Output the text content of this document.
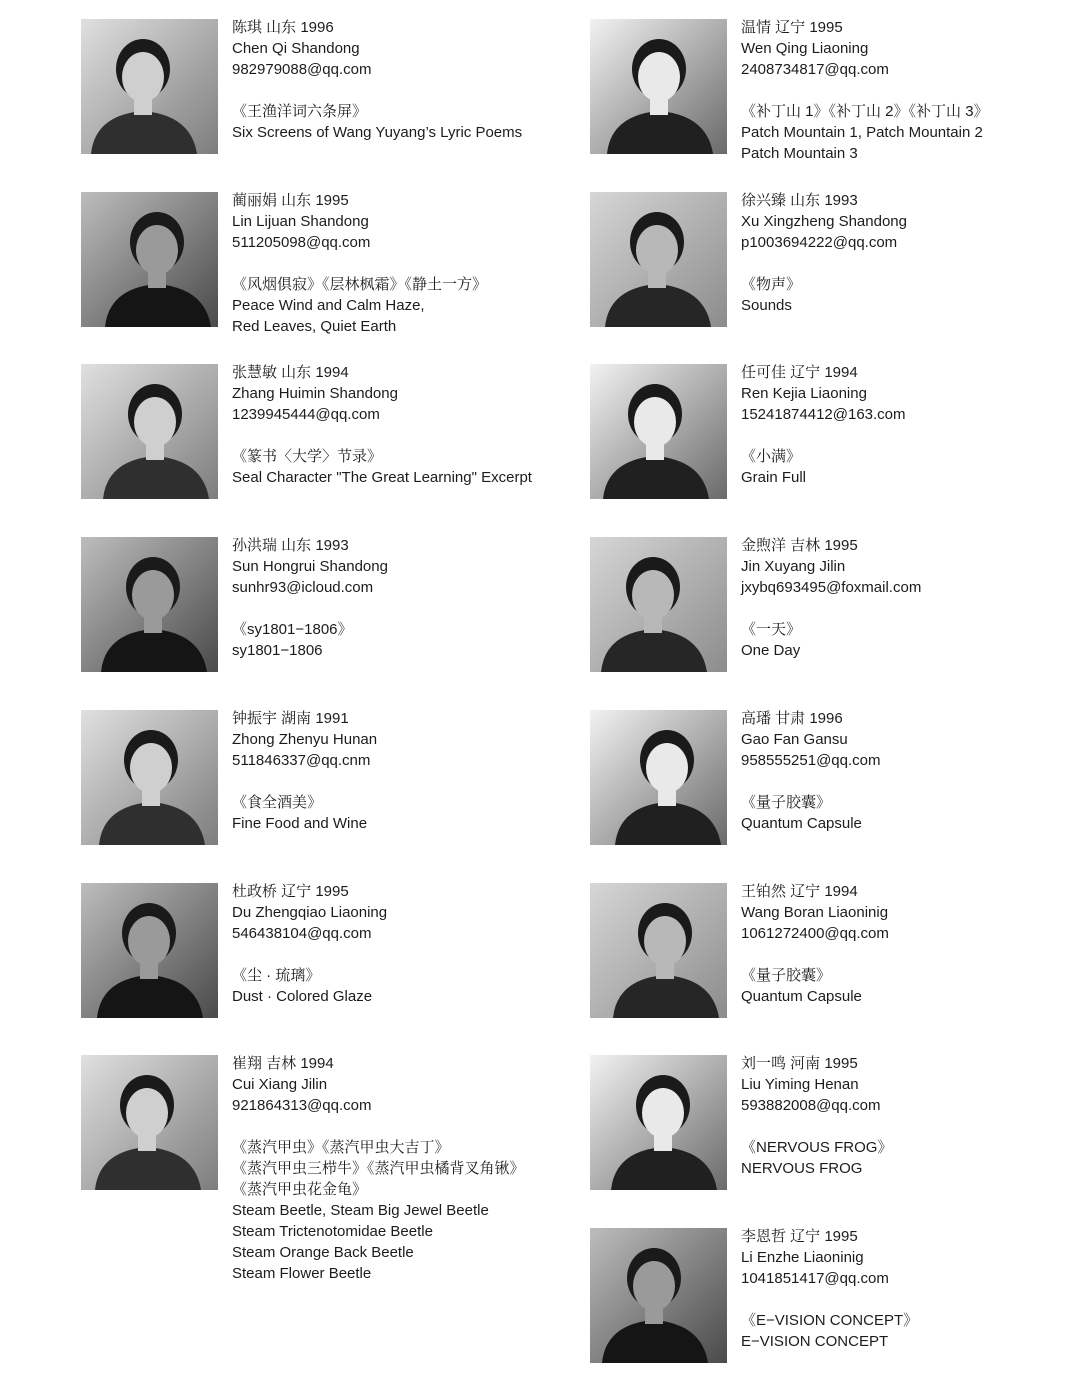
陈琪 山东 1996
Chen Qi Shandong
982979088@qq.com
《王渔洋词六条屏》
Six Screens of Wang Yuyang’s Lyric Poems
温情 辽宁 1995
Wen Qing Liaoning
2408734817@qq.com
《补丁山 1》《补丁山 2》《补丁山 3》
Patch Mountain 1, Patch Mountain 2
Patch Mountain 3
蔺丽娟 山东 1995
Lin Lijuan Shandong
511205098@qq.com
《风烟俱寂》《层林枫霜》《静土一方》
Peace Wind and Calm Haze,
Red Leaves, Quiet Earth
徐兴臻 山东 1993
Xu Xingzheng Shandong
p1003694222@qq.com
《物声》
Sounds
张慧敏 山东 1994
Zhang Huimin Shandong
1239945444@qq.com
《篆书〈大学〉节录》
Seal Character "The Great Learning" Excerpt
任可佳 辽宁 1994
Ren Kejia Liaoning
15241874412@163.com
《小满》
Grain Full
孙洪瑞 山东 1993
Sun Hongrui Shandong
sunhr93@icloud.com
《sy1801−1806》
sy1801−1806
金煦洋 吉林 1995
Jin Xuyang Jilin
jxybq693495@foxmail.com
《一天》
One Day
钟振宇 湖南 1991
Zhong Zhenyu Hunan
511846337@qq.cnm
《食全酒美》
Fine Food and Wine
高璠 甘肃 1996
Gao Fan Gansu
958555251@qq.com
《量子胶囊》
Quantum Capsule
杜政桥 辽宁 1995
Du Zhengqiao Liaoning
546438104@qq.com
《尘 · 琉璃》
Dust · Colored Glaze
王铂然 辽宁 1994
Wang Boran Liaoninig
1061272400@qq.com
《量子胶囊》
Quantum Capsule
崔翔 吉林 1994
Cui Xiang Jilin
921864313@qq.com
《蒸汽甲虫》《蒸汽甲虫大吉丁》
《蒸汽甲虫三栉牛》《蒸汽甲虫橘背叉角锹》
《蒸汽甲虫花金龟》
Steam Beetle, Steam Big Jewel Beetle
Steam Trictenotomidae Beetle
Steam Orange Back Beetle
Steam Flower Beetle
刘一鸣 河南 1995
Liu Yiming Henan
593882008@qq.com
《NERVOUS FROG》
NERVOUS FROG
李恩哲 辽宁 1995
Li Enzhe Liaoninig
1041851417@qq.com
《E−VISION CONCEPT》
E−VISION CONCEPT
